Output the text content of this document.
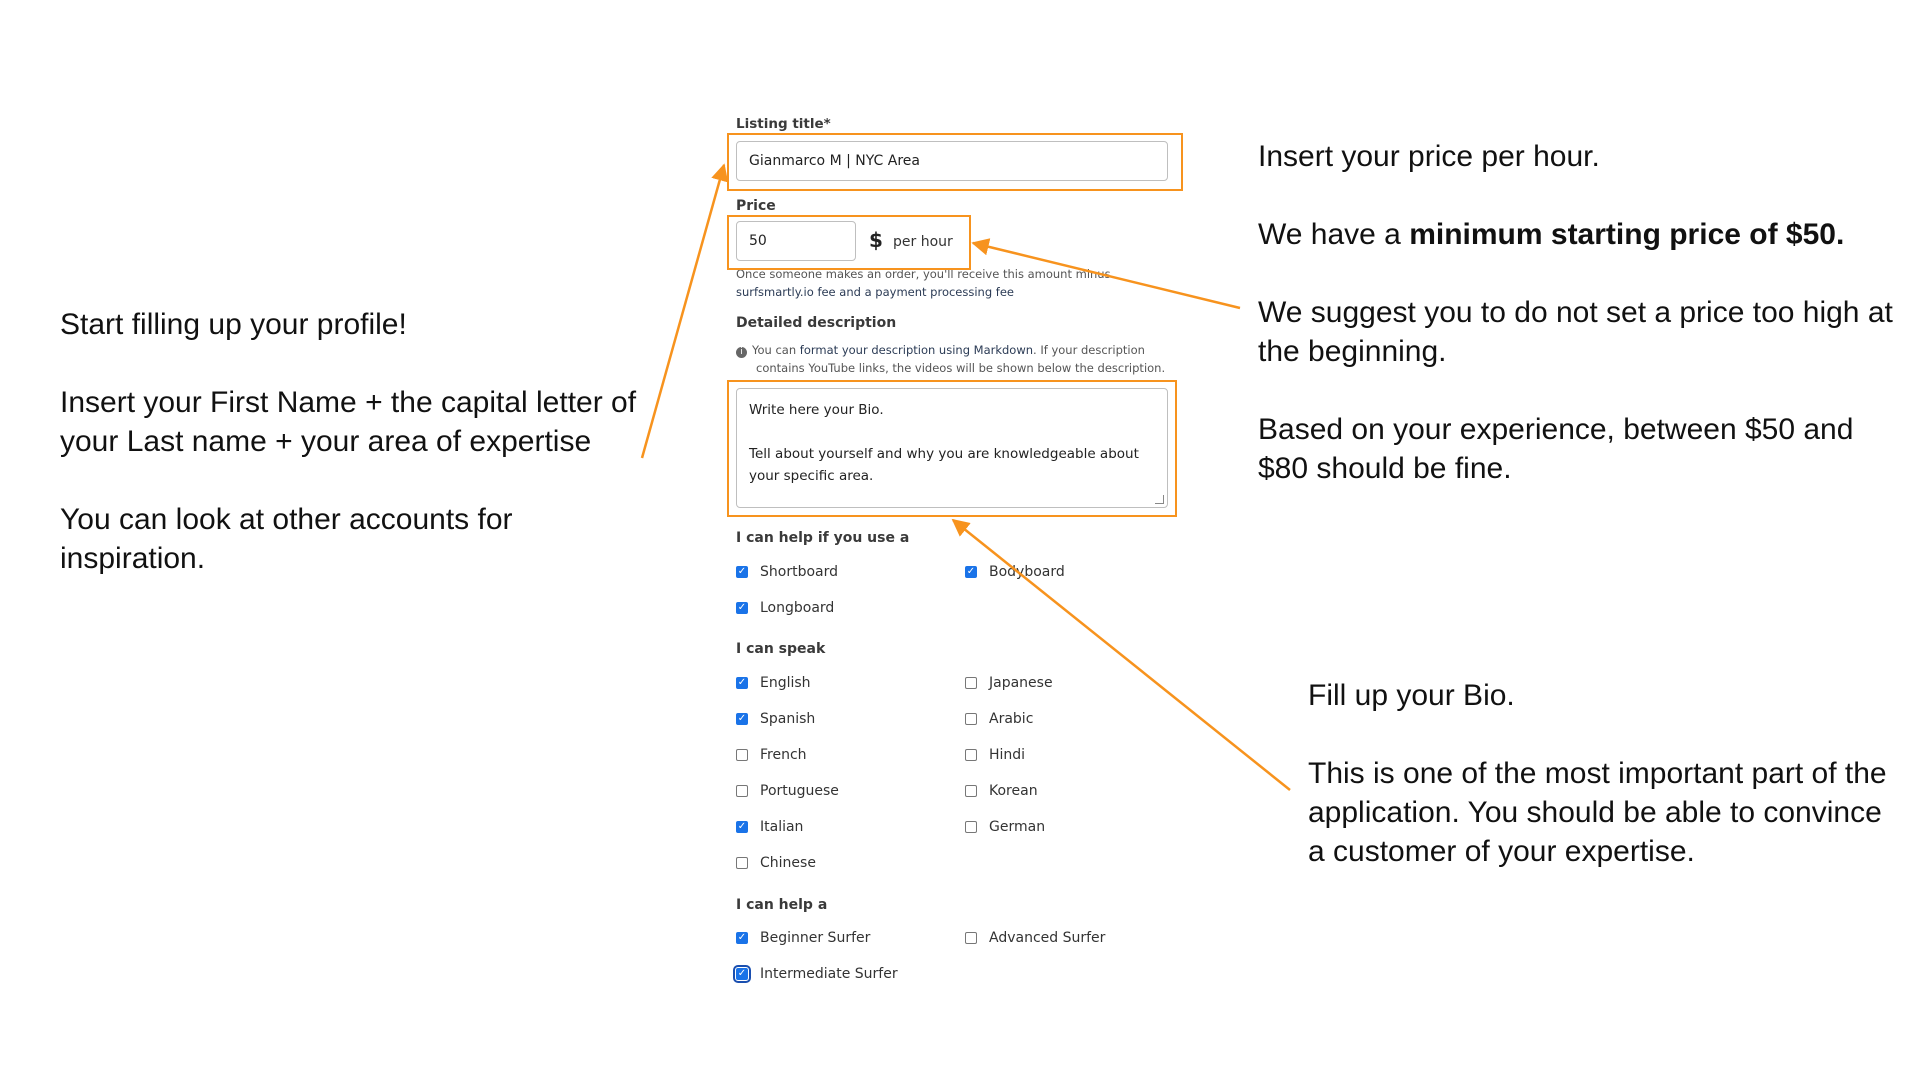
Start filling up your profile!

Insert your First Name + the capital letter of your Last name + your area of expertise

You can look at other accounts for inspiration.

Insert your price per hour.

We have a minimum starting price of $50.

We suggest you to do not set a price too high at the beginning.

Based on your experience, between $50 and $80 should be fine.

Fill up your Bio.

This is one of the most important part of the application. You should be able to convince a customer of your expertise.

Listing title*
Gianmarco M | NYC Area
Price
50	$ per hour
Once someone makes an order, you'll receive this amount minus
surfsmartly.io fee and a payment processing fee
Detailed description
i You can format your description using Markdown. If your description
contains YouTube links, the videos will be shown below the description.
Write here your Bio.
Tell about yourself and why you are knowledgeable about
your specific area.
I can help if you use a
✓ Shortboard	✓ Bodyboard
✓ Longboard
I can speak
✓ English	Japanese
✓ Spanish	Arabic
French	Hindi
Portuguese	Korean
✓ Italian	German
Chinese
I can help a
✓ Beginner Surfer	Advanced Surfer
✓ Intermediate Surfer
